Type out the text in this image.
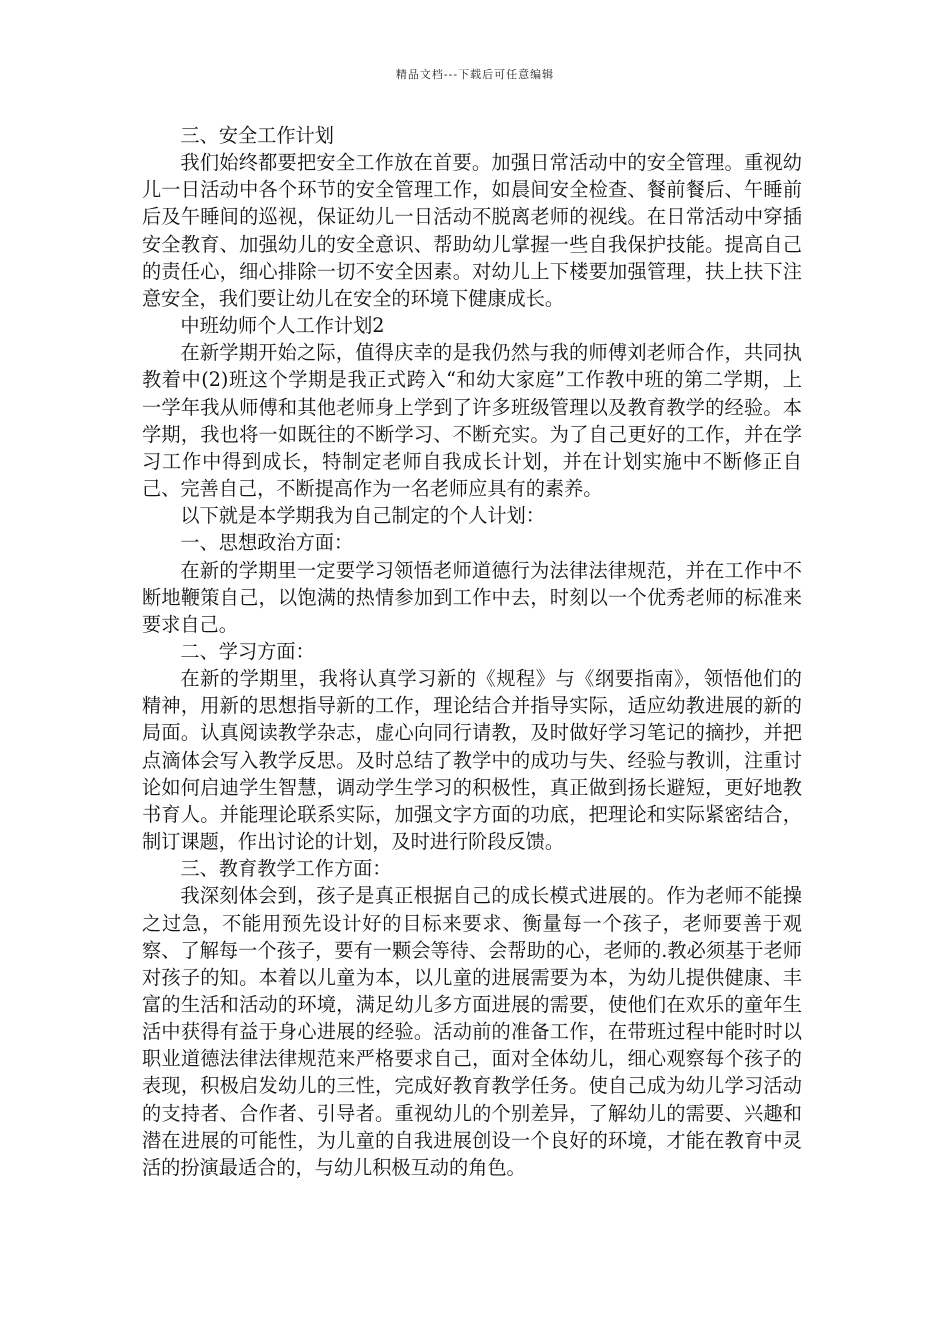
精品文档---下载后可任意编辑

三、安全工作计划

我们始终都要把安全工作放在首要。加强日常活动中的安全管理。重视幼儿一日活动中各个环节的安全管理工作，如晨间安全检查、餐前餐后、午睡前后及午睡间的巡视，保证幼儿一日活动不脱离老师的视线。在日常活动中穿插安全教育、加强幼儿的安全意识、帮助幼儿掌握一些自我保护技能。提高自己的责任心，细心排除一切不安全因素。对幼儿上下楼要加强管理，扶上扶下注意安全，我们要让幼儿在安全的环境下健康成长。

中班幼师个人工作计划2

在新学期开始之际，值得庆幸的是我仍然与我的师傅刘老师合作，共同执教着中(2)班这个学期是我正式跨入“和幼大家庭”工作教中班的第二学期，上一学年我从师傅和其他老师身上学到了许多班级管理以及教育教学的经验。本学期，我也将一如既往的不断学习、不断充实。为了自己更好的工作，并在学习工作中得到成长，特制定老师自我成长计划，并在计划实施中不断修正自己、完善自己，不断提高作为一名老师应具有的素养。

以下就是本学期我为自己制定的个人计划：

一、思想政治方面：

在新的学期里一定要学习领悟老师道德行为法律法律规范，并在工作中不断地鞭策自己，以饱满的热情参加到工作中去，时刻以一个优秀老师的标准来要求自己。

二、学习方面：

在新的学期里，我将认真学习新的《规程》与《纲要指南》，领悟他们的精神，用新的思想指导新的工作，理论结合并指导实际，适应幼教进展的新的局面。认真阅读教学杂志，虚心向同行请教，及时做好学习笔记的摘抄，并把点滴体会写入教学反思。及时总结了教学中的成功与失、经验与教训，注重讨论如何启迪学生智慧，调动学生学习的积极性，真正做到扬长避短，更好地教书育人。并能理论联系实际，加强文字方面的功底，把理论和实际紧密结合，制订课题，作出讨论的计划，及时进行阶段反馈。

三、教育教学工作方面：

我深刻体会到，孩子是真正根据自己的成长模式进展的。作为老师不能操之过急，不能用预先设计好的目标来要求、衡量每一个孩子，老师要善于观察、了解每一个孩子，要有一颗会等待、会帮助的心，老师的.教必须基于老师对孩子的知。本着以儿童为本，以儿童的进展需要为本，为幼儿提供健康、丰富的生活和活动的环境，满足幼儿多方面进展的需要，使他们在欢乐的童年生活中获得有益于身心进展的经验。活动前的准备工作，在带班过程中能时时以职业道德法律法律规范来严格要求自己，面对全体幼儿，细心观察每个孩子的表现，积极启发幼儿的三性，完成好教育教学任务。使自己成为幼儿学习活动的支持者、合作者、引导者。重视幼儿的个别差异，了解幼儿的需要、兴趣和潜在进展的可能性，为儿童的自我进展创设一个良好的环境，才能在教育中灵活的扮演最适合的，与幼儿积极互动的角色。
